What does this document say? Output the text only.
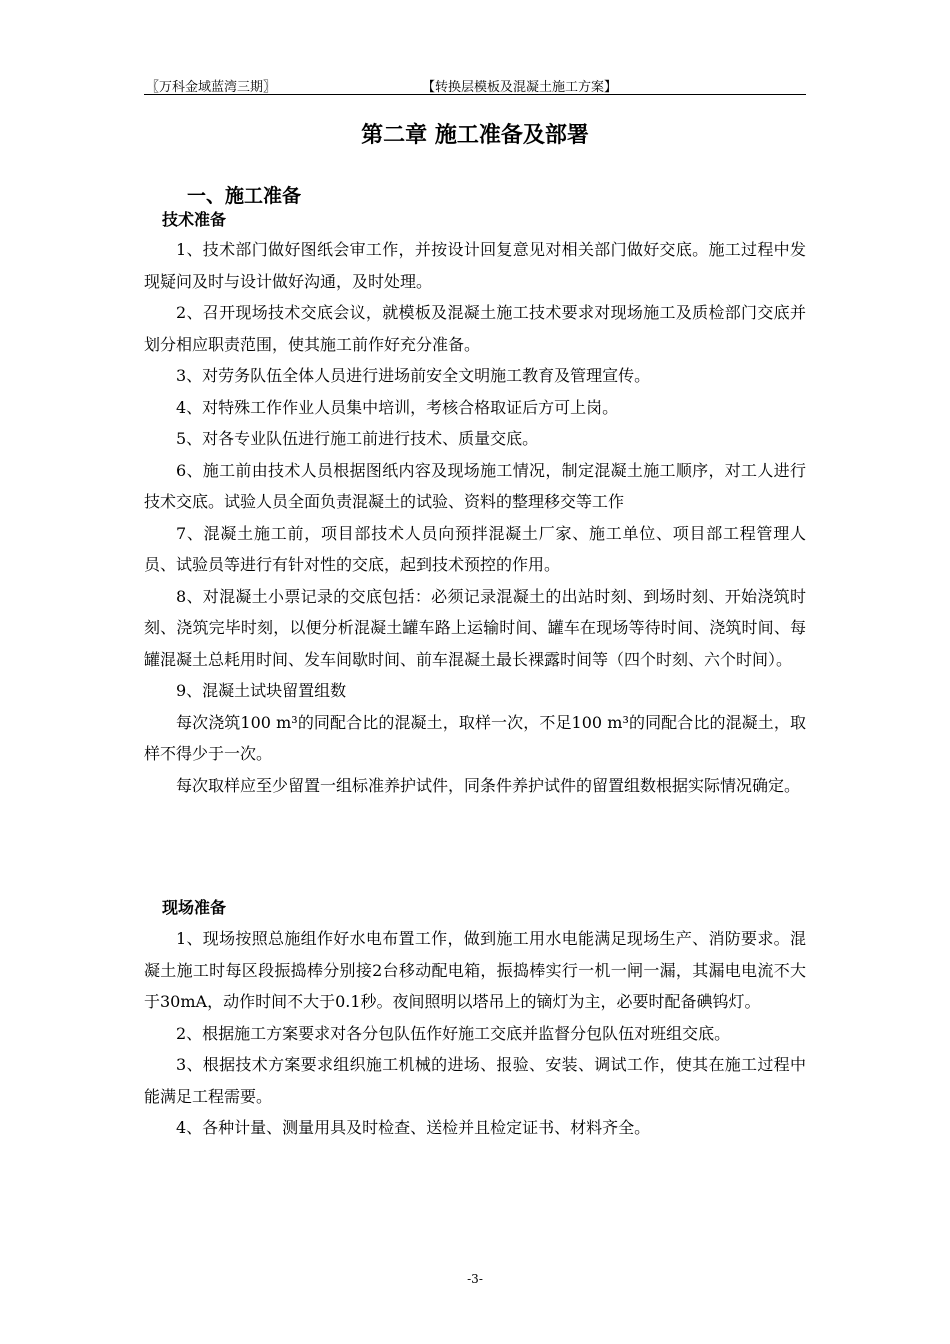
〖万科金域蓝湾三期〗	【转换层模板及混凝土施工方案】
第二章 施工准备及部署
一、施工准备
技术准备

1、技术部门做好图纸会审工作，并按设计回复意见对相关部门做好交底。施工过程中发现疑问及时与设计做好沟通，及时处理。

2、召开现场技术交底会议，就模板及混凝土施工技术要求对现场施工及质检部门交底并划分相应职责范围，使其施工前作好充分准备。

3、对劳务队伍全体人员进行进场前安全文明施工教育及管理宣传。

4、对特殊工作作业人员集中培训，考核合格取证后方可上岗。

5、对各专业队伍进行施工前进行技术、质量交底。

6、施工前由技术人员根据图纸内容及现场施工情况，制定混凝土施工顺序，对工人进行技术交底。试验人员全面负责混凝土的试验、资料的整理移交等工作

7、混凝土施工前，项目部技术人员向预拌混凝土厂家、施工单位、项目部工程管理人员、试验员等进行有针对性的交底，起到技术预控的作用。

8、对混凝土小票记录的交底包括：必须记录混凝土的出站时刻、到场时刻、开始浇筑时刻、浇筑完毕时刻，以便分析混凝土罐车路上运输时间、罐车在现场等待时间、浇筑时间、每罐混凝土总耗用时间、发车间歇时间、前车混凝土最长裸露时间等（四个时刻、六个时间）。

9、混凝土试块留置组数

每次浇筑100 m³的同配合比的混凝土，取样一次，不足100 m³的同配合比的混凝土，取样不得少于一次。

每次取样应至少留置一组标准养护试件，同条件养护试件的留置组数根据实际情况确定。

现场准备

1、现场按照总施组作好水电布置工作，做到施工用水电能满足现场生产、消防要求。混凝土施工时每区段振捣棒分别接2台移动配电箱，振捣棒实行一机一闸一漏，其漏电电流不大于30mA，动作时间不大于0.1秒。夜间照明以塔吊上的镝灯为主，必要时配备碘钨灯。

2、根据施工方案要求对各分包队伍作好施工交底并监督分包队伍对班组交底。

3、根据技术方案要求组织施工机械的进场、报验、安装、调试工作，使其在施工过程中能满足工程需要。

4、各种计量、测量用具及时检查、送检并且检定证书、材料齐全。

-3-
